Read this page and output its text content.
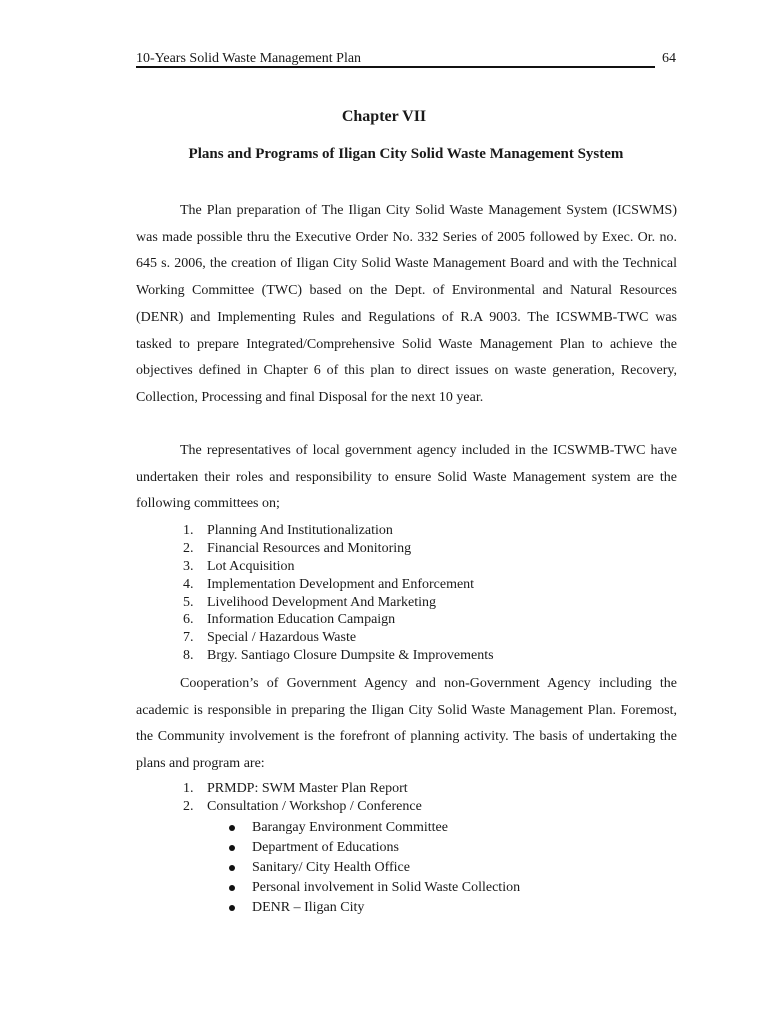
10-Years Solid Waste Management Plan	64
Chapter VII
Plans and Programs of Iligan City Solid Waste Management System

The Plan preparation of The Iligan City Solid Waste Management System (ICSWMS) was made possible thru the Executive Order No. 332 Series of 2005 followed by Exec. Or. no. 645 s. 2006, the creation of Iligan City Solid Waste Management Board and with the Technical Working Committee (TWC) based on the Dept. of Environmental and Natural Resources (DENR) and Implementing Rules and Regulations of R.A 9003. The ICSWMB-TWC was tasked to prepare Integrated/Comprehensive Solid Waste Management Plan to achieve the objectives defined in Chapter 6 of this plan to direct issues on waste generation, Recovery, Collection, Processing and final Disposal for the next 10 year.

The representatives of local government agency included in the ICSWMB-TWC have undertaken their roles and responsibility to ensure Solid Waste Management system are the following committees on;

1. Planning And Institutionalization
2. Financial Resources and Monitoring
3. Lot Acquisition
4. Implementation Development and Enforcement
5. Livelihood Development And Marketing
6. Information Education Campaign
7. Special / Hazardous Waste
8. Brgy. Santiago Closure Dumpsite & Improvements

Cooperation’s of Government Agency and non-Government Agency including the academic is responsible in preparing the Iligan City Solid Waste Management Plan. Foremost, the Community involvement is the forefront of planning activity. The basis of undertaking the plans and program are:

1. PRMDP: SWM Master Plan Report
2. Consultation / Workshop / Conference
Barangay Environment Committee
Department of Educations
Sanitary/ City Health Office
Personal involvement in Solid Waste Collection
DENR – Iligan City
